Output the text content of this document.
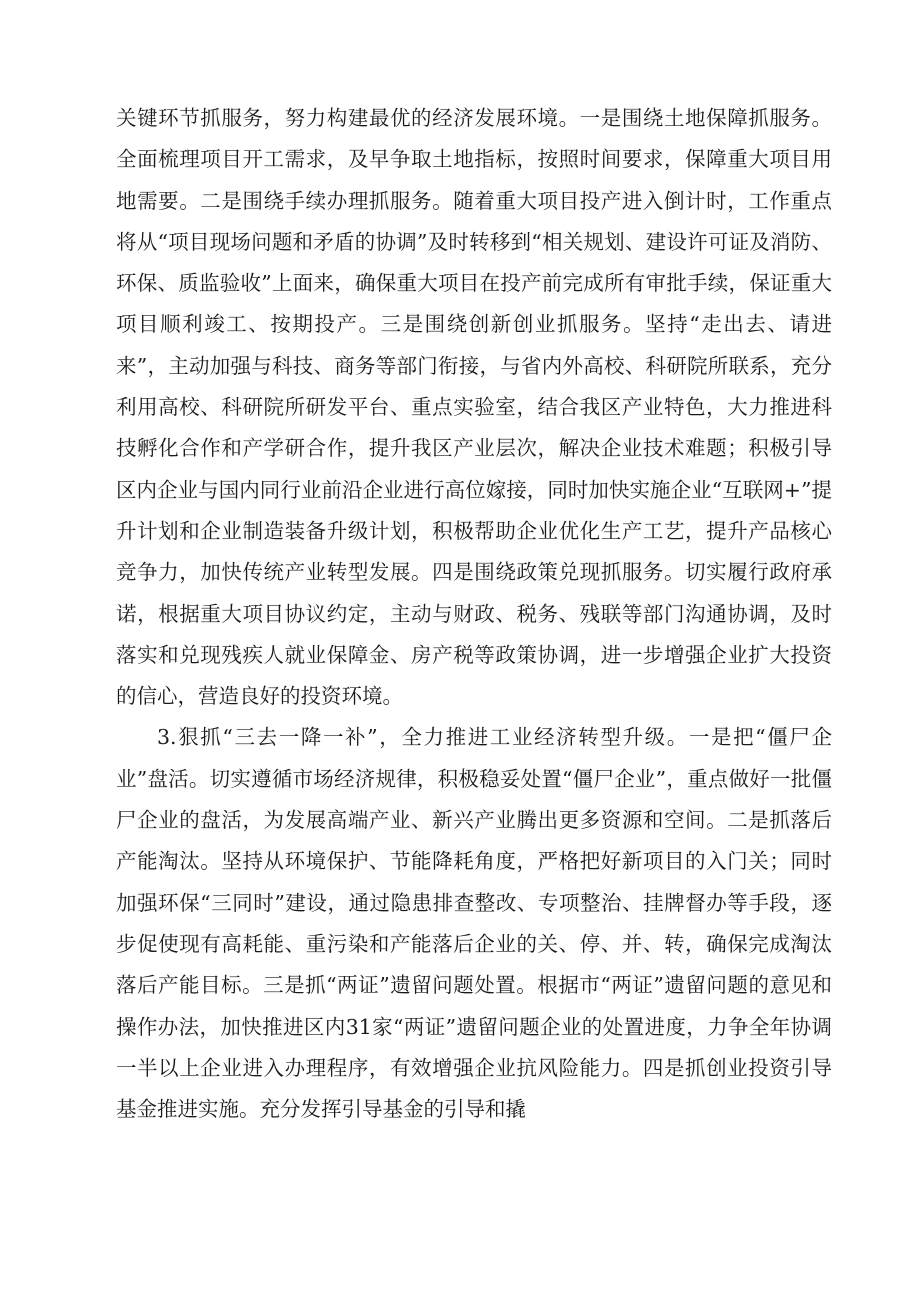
关键环节抓服务，努力构建最优的经济发展环境。一是围绕土地保障抓服务。全面梳理项目开工需求，及早争取土地指标，按照时间要求，保障重大项目用地需要。二是围绕手续办理抓服务。随着重大项目投产进入倒计时，工作重点将从“项目现场问题和矛盾的协调”及时转移到“相关规划、建设许可证及消防、环保、质监验收”上面来，确保重大项目在投产前完成所有审批手续，保证重大项目顺利竣工、按期投产。三是围绕创新创业抓服务。坚持“走出去、请进来”，主动加强与科技、商务等部门衔接，与省内外高校、科研院所联系，充分利用高校、科研院所研发平台、重点实验室，结合我区产业特色，大力推进科技孵化合作和产学研合作，提升我区产业层次，解决企业技术难题；积极引导区内企业与国内同行业前沿企业进行高位嫁接，同时加快实施企业“互联网+”提升计划和企业制造装备升级计划，积极帮助企业优化生产工艺，提升产品核心竞争力，加快传统产业转型发展。四是围绕政策兑现抓服务。切实履行政府承诺，根据重大项目协议约定，主动与财政、税务、残联等部门沟通协调，及时落实和兑现残疾人就业保障金、房产税等政策协调，进一步增强企业扩大投资的信心，营造良好的投资环境。

3.狠抓“三去一降一补”，全力推进工业经济转型升级。一是把“僵尸企业”盘活。切实遵循市场经济规律，积极稳妥处置“僵尸企业”，重点做好一批僵尸企业的盘活，为发展高端产业、新兴产业腾出更多资源和空间。二是抓落后产能淘汰。坚持从环境保护、节能降耗角度，严格把好新项目的入门关；同时加强环保“三同时”建设，通过隐患排查整改、专项整治、挂牌督办等手段，逐步促使现有高耗能、重污染和产能落后企业的关、停、并、转，确保完成淘汰落后产能目标。三是抓“两证”遗留问题处置。根据市“两证”遗留问题的意见和操作办法，加快推进区内31家“两证”遗留问题企业的处置进度，力争全年协调一半以上企业进入办理程序，有效增强企业抗风险能力。四是抓创业投资引导基金推进实施。充分发挥引导基金的引导和撬
